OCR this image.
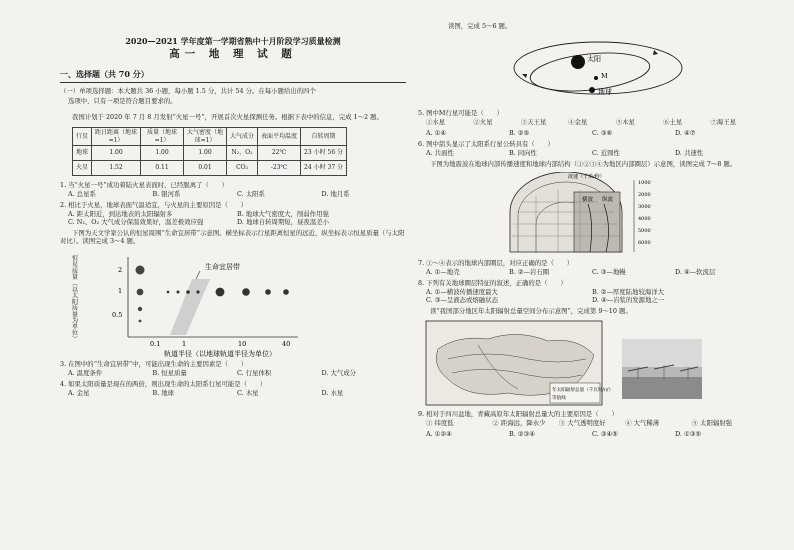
2020—2021 学年度第一学期省熟中十月阶段学习质量检测
高一 地 理 试 题
一、选择题（共 70 分）

（一）单项选择题：本大题共 36 小题，每小题 1.5 分，共计 54 分。在每小题给出的四个

选项中，只有一项是符合题目要求的。

我国计划于 2020 年 7 月 8 月发射“火星一号”，开展首次火星探测任务。根据下表中的信息，完成 1～2 题。

行星	距日距离（地球=1）	质量（地球=1）	大气密度（地球=1）	大气成分	表面平均温度	自转周期
地球	1.00	1.00	1.00	N₂、O₂	22℃	23 小时 56 分
火星	1.52	0.11	0.01	CO₂	-23℃	24 小时 37 分

1. 当“火星一号”成功着陆火星表面时，已经脱离了（　　）

A. 总星系	B. 银河系	C. 太阳系	D. 地月系

2. 相比于火星，地球表面气温适宜，与火星的主要原因是（　　）

A. 距太阳近，到达地表的太阳辐射多	B. 地球大气密度大，削弱作用强
C. N₂、O₂ 大气成分保温效果好，温差极效应强	D. 地球自转周期短，昼夜温差小

下图为天文学家公认的恒星周围“生命宜居带”示意图。横坐标表示行星距离恒星的远近，纵坐标表示恒星质量（与太阳对比）。读图完成 3～4 题。

恒星质量（以太阳质量为单位）	生命宜居带
2
1
0.5
0.1	1	10	40
轨道半径（以地球轨道半径为单位）

3. 在图中的“生命宜居带”中，可能出现生命的主要因素是（　　）

A. 温度条件	B. 恒星质量	C. 行星体积	D. 大气成分

4. 如果太阳质量是现在的两倍，则出现生命的太阳系行星可能是（　　）

A. 金星	B. 地球	C. 木星	D. 水星

读图，完成 5～6 题。

太阳
M
地球

5. 图中M行星可能是（　　）

①水星	②火星	③天王星	④金星	⑤木星	⑥土星	⑦海王星
A. ①④	B. ②⑤	C. ③⑥	D. ④⑦

6. 图中箭头显示了太阳系行星公转具有（　　）

A. 共面性	B. 同向性	C. 近圆性	D. 共速性

下图为地震波在地球内部传播速度和地球内部结构（①②③④为地区内部圈层）示意图，读图完成 7～8 题。

横波 纵波
1000
2000
3000
4000
5000
6000
波速（千米/秒）

7. ①～④表示的地球内部圈层，对应正确的是（　　）

A. ①—地壳	B. ②—岩石圈	C. ③—地幔	D. ④—软流层

8. 下列有关地球圈层特征的叙述，正确的是（　　）

A. ①—横波传播速度最大	B. ②—厚度陆地较海洋大
C. ③—呈液态或熔融状态	D. ④—岩浆的发源地之一

读“我国部分地区年太阳辐射总量空间分布示意图”，完成第 9～10 题。

年太阳辐射总量（千瓦时/㎡）
等值线

9. 相对于四川盆地，青藏高原年太阳辐射总量大的主要原因是（　　）

① 纬度低	② 距海远，降水少	③ 大气透明度好	④ 大气稀薄	⑤ 太阳辐射强
A. ①②④	B. ②③④	C. ③④⑤	D. ①③⑤
